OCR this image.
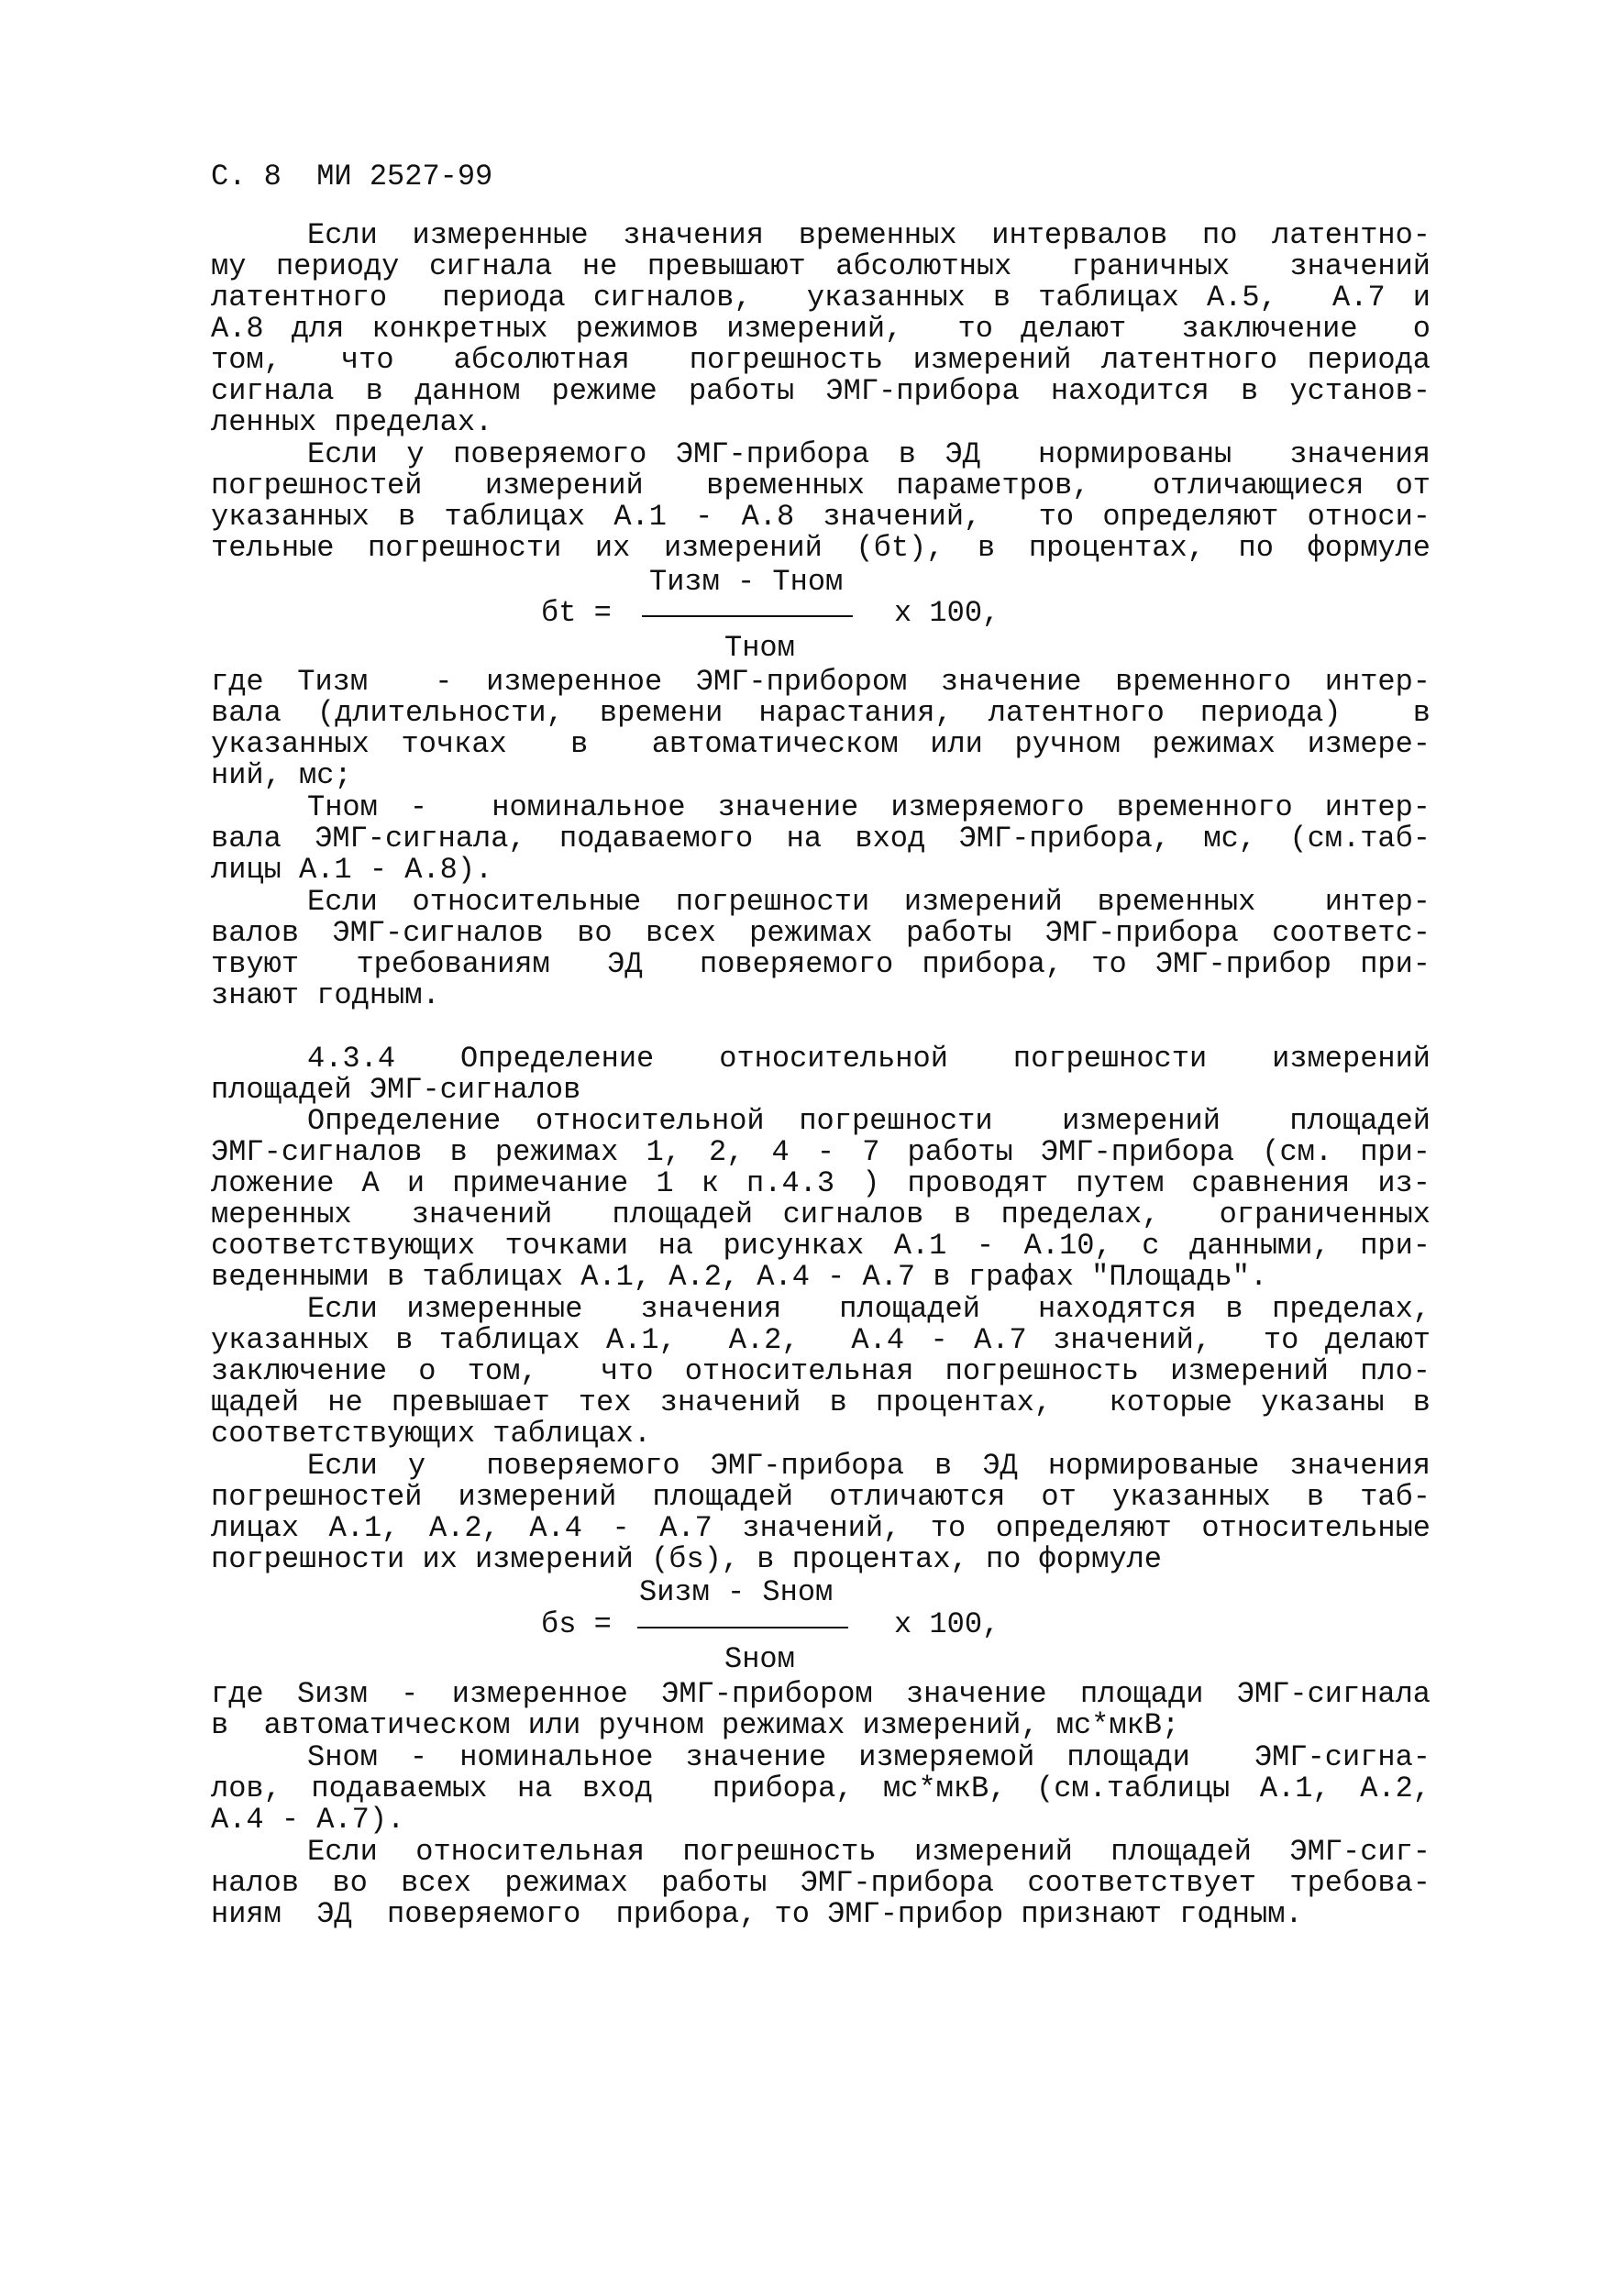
С. 8  МИ 2527-99
Если измеренные значения временных интервалов по латентно-
му периоду сигнала не превышают абсолютных  граничных  значений
латентного  периода сигналов,  указанных в таблицах А.5,  А.7 и
А.8 для конкретных режимов измерений,  то делают  заключение  о
том,  что  абсолютная  погрешность измерений латентного периода
сигнала в данном режиме работы ЭМГ-прибора находится в установ-
ленных пределах.
Если у поверяемого ЭМГ-прибора в ЭД  нормированы  значения
погрешностей  измерений  временных параметров,  отличающиеся от
указанных в таблицах А.1 - А.8 значений,  то определяют относи-
тельные погрешности их измерений (бt), в процентах, по формуле
Тизм - Тном
бt =	x 100,
Тном
где Тизм  - измеренное ЭМГ-прибором значение временного интер-
вала (длительности, времени нарастания, латентного периода)  в
указанных точках  в  автоматическом или ручном режимах измере-
ний, мс;
Тном -  номинальное значение измеряемого временного интер-
вала ЭМГ-сигнала, подаваемого на вход ЭМГ-прибора, мс, (см.таб-
лицы А.1 - А.8).
Если относительные погрешности измерений временных  интер-
валов ЭМГ-сигналов во всех режимах работы ЭМГ-прибора соответс-
твуют  требованиям  ЭД  поверяемого прибора, то ЭМГ-прибор при-
знают годным.
4.3.4  Определение  относительной  погрешности  измерений
площадей ЭМГ-сигналов
Определение относительной погрешности  измерений  площадей
ЭМГ-сигналов в режимах 1, 2, 4 - 7 работы ЭМГ-прибора (см. при-
ложение А и примечание 1 к п.4.3 ) проводят путем сравнения из-
меренных  значений  площадей сигналов в пределах,  ограниченных
соответствующих точками на рисунках А.1 - А.10, с данными, при-
веденными в таблицах А.1, А.2, А.4 - А.7 в графах "Площадь".
Если измеренные  значения  площадей  находятся в пределах,
указанных в таблицах А.1,  А.2,  А.4 - А.7 значений,  то делают
заключение о том,  что относительная погрешность измерений пло-
щадей не превышает тех значений в процентах,  которые указаны в
соответствующих таблицах.
Если у  поверяемого ЭМГ-прибора в ЭД нормированые значения
погрешностей измерений площадей отличаются от указанных в таб-
лицах А.1, А.2, А.4 - А.7 значений, то определяют относительные
погрешности их измерений (бs), в процентах, по формуле
Sизм - Sном
бs =	x 100,
Sном
где Sизм - измеренное ЭМГ-прибором значение площади ЭМГ-сигнала
в  автоматическом или ручном режимах измерений, мс*мкВ;
Sном - номинальное значение измеряемой площади  ЭМГ-сигна-
лов, подаваемых на вход  прибора, мс*мкВ, (см.таблицы А.1, А.2,
А.4 - А.7).
Если относительная погрешность измерений площадей ЭМГ-сиг-
налов во всех режимах работы ЭМГ-прибора соответствует требова-
ниям  ЭД  поверяемого  прибора, то ЭМГ-прибор признают годным.
